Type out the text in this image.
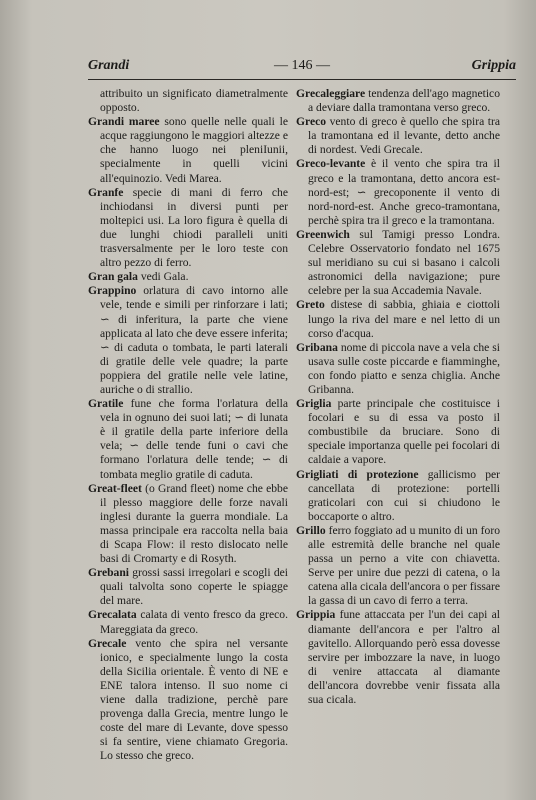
Grandi	— 146 —	Grippia

attribuito un significato diametralmente opposto.

Grandi maree sono quelle nelle quali le acque raggiungono le maggiori altezze e che hanno luogo nei pleniIunii, specialmente in quelli vicini all'equinozio. Vedi Marea.

Granfe specie di mani di ferro che inchiodansi in diversi punti per moltepici usi. La loro figura è quella di due lunghi chiodi paralleli uniti trasversalmente per le loro teste con altro pezzo di ferro.

Gran gala vedi Gala.

Grappino orlatura di cavo intorno alle vele, tende e simili per rinforzare i lati; ∽ di inferitura, la parte che viene applicata al lato che deve essere inferita; ∽ di caduta o tombata, le parti laterali di gratile delle vele quadre; la parte poppiera del gratile nelle vele latine, auriche o di strallio.

Gratile fune che forma l'orlatura della vela in ognuno dei suoi lati; ∽ di lunata è il gratile della parte inferiore della vela; ∽ delle tende funi o cavi che formano l'orlatura delle tende; ∽ di tombata meglio gratile di caduta.

Great-fleet (o Grand fleet) nome che ebbe il plesso maggiore delle forze navali inglesi durante la guerra mondiale. La massa principale era raccolta nella baia di Scapa Flow: il resto dislocato nelle basi di Cromarty e di Rosyth.

Grebani grossi sassi irregolari e scogli dei quali talvolta sono coperte le spiagge del mare.

Grecalata calata di vento fresco da greco. Mareggiata da greco.

Grecale vento che spira nel versante ionico, e specialmente lungo la costa della Sicilia orientale. È vento di NE e ENE talora intenso. Il suo nome ci viene dalla tradizione, perchè pare provenga dalla Grecia, mentre lungo le coste del mare di Levante, dove spesso si fa sentire, viene chiamato Gregoria. Lo stesso che greco.

Grecaleggiare tendenza dell'ago magnetico a deviare dalla tramontana verso greco.

Greco vento di greco è quello che spira tra la tramontana ed il levante, detto anche di nordest. Vedi Grecale.

Greco-levante è il vento che spira tra il greco e la tramontana, detto ancora est-nord-est; ∽ grecoponente il vento di nord-nord-est. Anche greco-tramontana, perchè spira tra il greco e la tramontana.

Greenwich sul Tamigi presso Londra. Celebre Osservatorio fondato nel 1675 sul meridiano su cui si basano i calcoli astronomici della navigazione; pure celebre per la sua Accademia Navale.

Greto distese di sabbia, ghiaia e ciottoli lungo la riva del mare e nel letto di un corso d'acqua.

Gribana nome di piccola nave a vela che si usava sulle coste piccarde e fiamminghe, con fondo piatto e senza chiglia. Anche Gribanna.

Griglia parte principale che costituisce i focolari e su di essa va posto il combustibile da bruciare. Sono di speciale importanza quelle pei focolari di caldaie a vapore.

Grigliati di protezione gallicismo per cancellata di protezione: portelli graticolari con cui si chiudono le boccaporte o altro.

Grillo ferro foggiato ad u munito di un foro alle estremità delle branche nel quale passa un perno a vite con chiavetta. Serve per unire due pezzi di catena, o la catena alla cicala dell'ancora o per fissare la gassa di un cavo di ferro a terra.

Grippia fune attaccata per l'un dei capi al diamante dell'ancora e per l'altro al gavitello. Allorquando però essa dovesse servire per imbozzare la nave, in luogo di venire attaccata al diamante dell'ancora dovrebbe venir fissata alla sua cicala.
